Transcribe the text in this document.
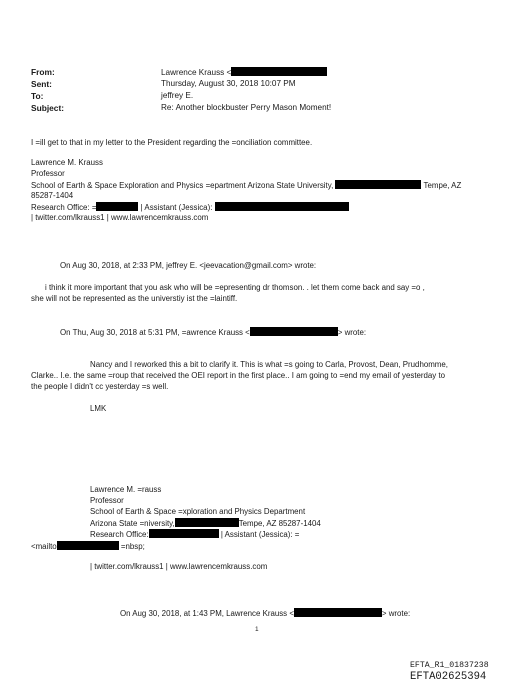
From:	Lawrence Krauss <
Sent:	Thursday, August 30, 2018 10:07 PM
To:	jeffrey E.
Subject:	Re: Another blockbuster Perry Mason Moment!
I =ill get to that in my letter to the President regarding the =onciliation committee.
Lawrence M. Krauss
Professor
School of Earth & Space Exploration and Physics =epartment Arizona State University,	Tempe, AZ
85287-1404
Research Office: =	| Assistant (Jessica):
| twitter.com/lkrauss1 | www.lawrencemkrauss.com
On Aug 30, 2018, at 2:33 PM, jeffrey E. <jeevacation@gmail.com> wrote:
i think it more important that you ask who will be =epresenting dr thomson. . let them come back and say =o ,
she will not be represented as the universtiy ist the =laintiff.
On Thu, Aug 30, 2018 at 5:31 PM, =awrence Krauss <	> wrote:
Nancy and I reworked this a bit to clarify it. This is what =s going to Carla, Provost, Dean, Prudhomme,
Clarke.. I.e. the same =roup that received the OEI report in the first place.. I am going to =end my email of yesterday to
the people I didn't cc yesterday =s well.
LMK
Lawrence M. =rauss
Professor
School of Earth & Space =xploration and Physics Department
Arizona State =niversity,	Tempe, AZ 85287-1404
Research Office:	| Assistant (Jessica): =
<mailto	=nbsp;
| twitter.com/lkrauss1 | www.lawrencemkrauss.com
On Aug 30, 2018, at 1:43 PM, Lawrence Krauss <	> wrote:
1
EFTA_R1_01837238
EFTA02625394
